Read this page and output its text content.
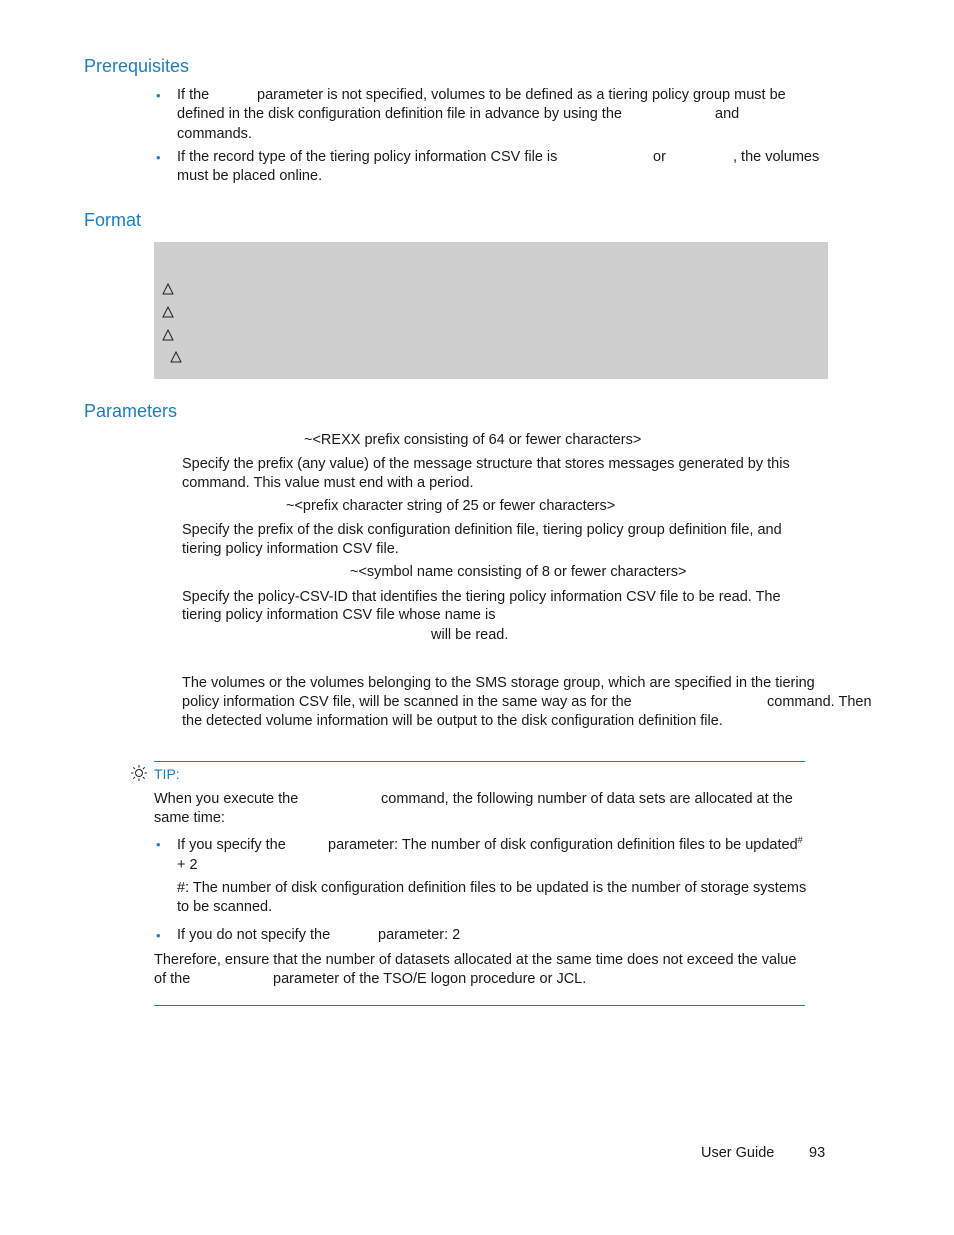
Prerequisites
• If the	parameter is not specified, volumes to be defined as a tiering policy group must be
defined in the disk configuration definition file in advance by using the	and
commands.
• If the record type of the tiering policy information CSV file is	or	, the volumes
must be placed online.
Format
Parameters
~<REXX prefix consisting of 64 or fewer characters>
Specify the prefix (any value) of the message structure that stores messages generated by this
command. This value must end with a period.
~<prefix character string of 25 or fewer characters>
Specify the prefix of the disk configuration definition file, tiering policy group definition file, and
tiering policy information CSV file.
~<symbol name consisting of 8 or fewer characters>
Specify the policy-CSV-ID that identifies the tiering policy information CSV file to be read. The
tiering policy information CSV file whose name is
will be read.
The volumes or the volumes belonging to the SMS storage group, which are specified in the tiering
policy information CSV file, will be scanned in the same way as for the	command. Then
the detected volume information will be output to the disk configuration definition file.
TIP:
When you execute the	command, the following number of data sets are allocated at the
same time:
• If you specify the	parameter: The number of disk configuration definition files to be updated#
+ 2
#: The number of disk configuration definition files to be updated is the number of storage systems
to be scanned.
• If you do not specify the	parameter: 2
Therefore, ensure that the number of datasets allocated at the same time does not exceed the value
of the	parameter of the TSO/E logon procedure or JCL.
User Guide 93
